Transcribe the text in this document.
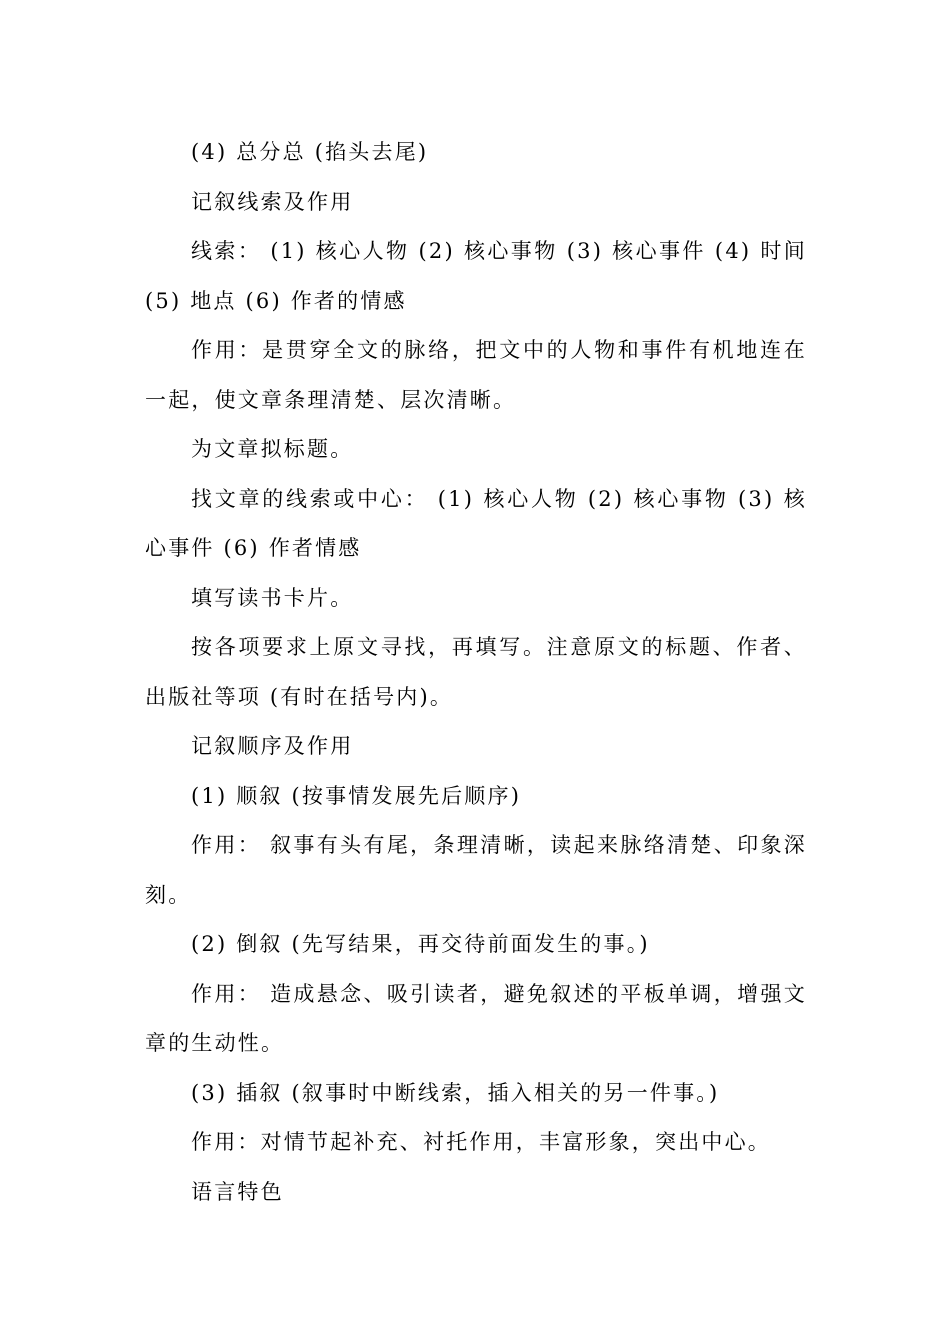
(4) 总分总 (掐头去尾)

记叙线索及作用

线索： (1) 核心人物 (2) 核心事物 (3) 核心事件 (4) 时间 (5) 地点 (6) 作者的情感

作用：是贯穿全文的脉络，把文中的人物和事件有机地连在一起，使文章条理清楚、层次清晰。

为文章拟标题。

找文章的线索或中心： (1) 核心人物 (2) 核心事物 (3) 核心事件 (6) 作者情感

填写读书卡片。

按各项要求上原文寻找，再填写。注意原文的标题、作者、出版社等项 (有时在括号内)。

记叙顺序及作用

(1) 顺叙 (按事情发展先后顺序)

作用： 叙事有头有尾，条理清晰，读起来脉络清楚、印象深刻。

(2) 倒叙 (先写结果，再交待前面发生的事。)

作用： 造成悬念、吸引读者，避免叙述的平板单调，增强文章的生动性。

(3) 插叙 (叙事时中断线索，插入相关的另一件事。)

作用：对情节起补充、衬托作用，丰富形象，突出中心。

语言特色
